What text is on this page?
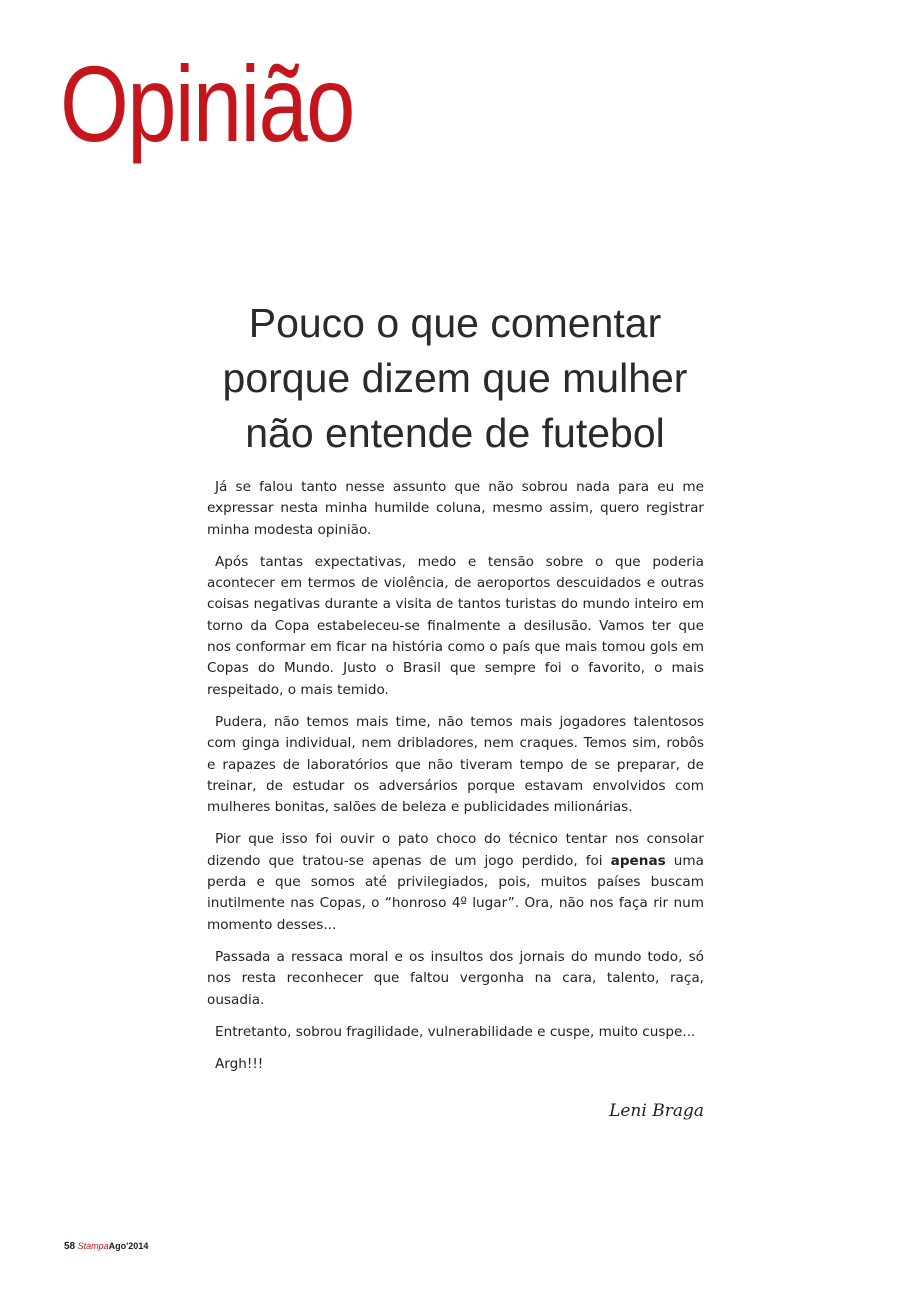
Opinião
Pouco o que comentar
porque dizem que mulher
não entende de futebol

Já se falou tanto nesse assunto que não sobrou nada para eu me expressar nesta minha humilde coluna, mesmo assim, quero registrar minha modesta opinião.

Após tantas expectativas, medo e tensão sobre o que poderia acontecer em termos de violência, de aeroportos descuidados e outras coisas negativas durante a visita de tantos turistas do mundo inteiro em torno da Copa estabeleceu-se finalmente a desilusão. Vamos ter que nos conformar em ficar na história como o país que mais tomou gols em Copas do Mundo. Justo o Brasil que sempre foi o favorito, o mais respeitado, o mais temido.

Pudera, não temos mais time, não temos mais jogadores talentosos com ginga individual, nem dribladores, nem craques. Temos sim, robôs e rapazes de laboratórios que não tiveram tempo de se preparar, de treinar, de estudar os adversários porque estavam envolvidos com mulheres bonitas, salões de beleza e publicidades milionárias.

Pior que isso foi ouvir o pato choco do técnico tentar nos consolar dizendo que tratou-se apenas de um jogo perdido, foi apenas uma perda e que somos até privilegiados, pois, muitos países buscam inutilmente nas Copas, o “honroso 4º lugar”. Ora, não nos faça rir num momento desses...

Passada a ressaca moral e os insultos dos jornais do mundo todo, só nos resta reconhecer que faltou vergonha na cara, talento, raça, ousadia.

Entretanto, sobrou fragilidade, vulnerabilidade e cuspe, muito cuspe...

Argh!!!

Leni Braga
58 StampaAgo'2014
